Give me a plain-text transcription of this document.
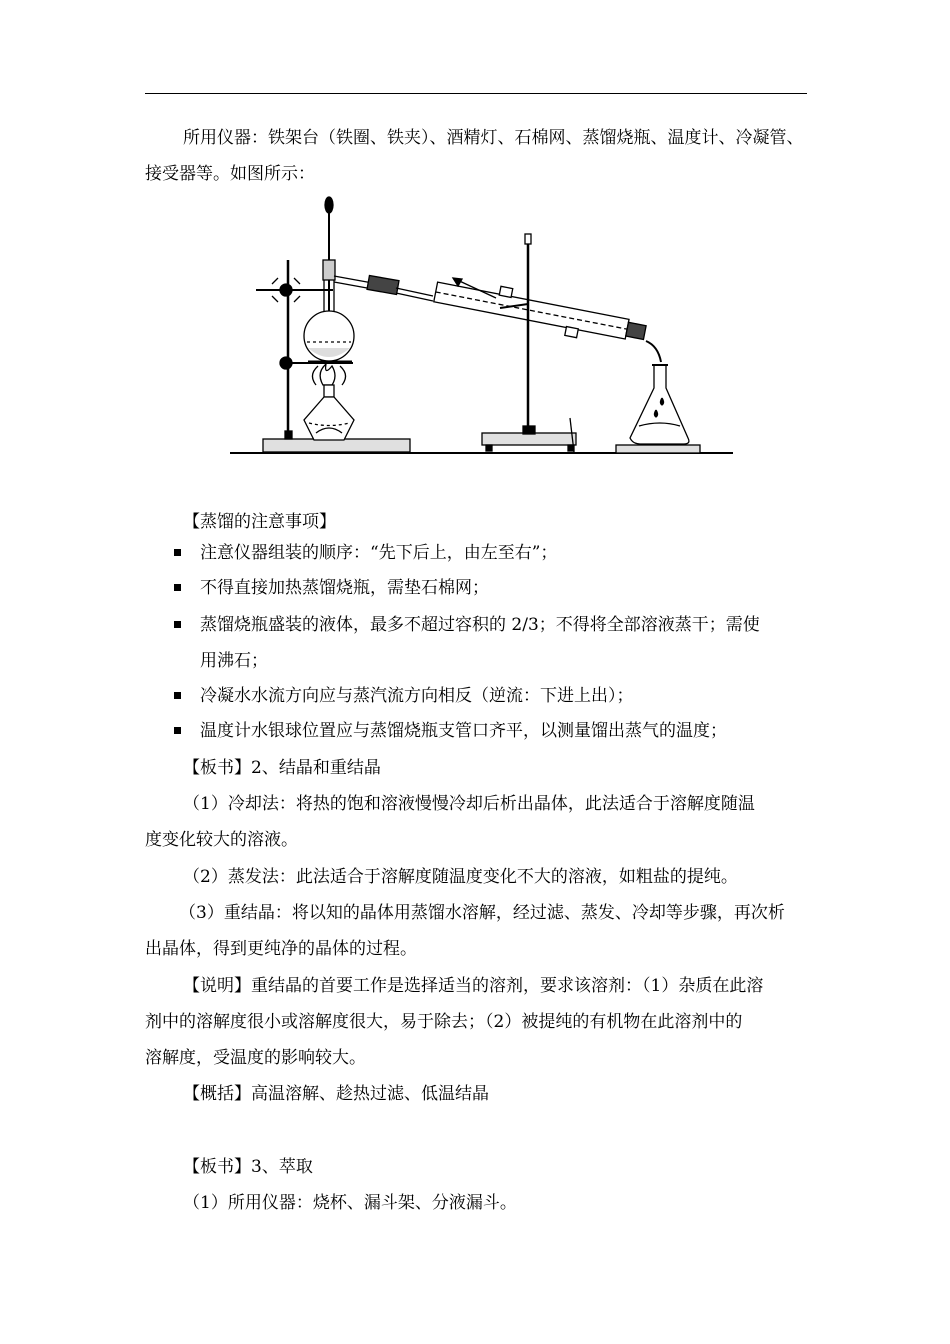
所用仪器：铁架台（铁圈、铁夹）、酒精灯、石棉网、蒸馏烧瓶、温度计、冷凝管、
接受器等。如图所示：
【蒸馏的注意事项】
注意仪器组装的顺序：“先下后上，由左至右”；
不得直接加热蒸馏烧瓶，需垫石棉网；
蒸馏烧瓶盛装的液体，最多不超过容积的 2/3；不得将全部溶液蒸干；需使
用沸石；
冷凝水水流方向应与蒸汽流方向相反（逆流：下进上出）；
温度计水银球位置应与蒸馏烧瓶支管口齐平，以测量馏出蒸气的温度；
【板书】2、结晶和重结晶
（1）冷却法：将热的饱和溶液慢慢冷却后析出晶体，此法适合于溶解度随温
度变化较大的溶液。
（2）蒸发法：此法适合于溶解度随温度变化不大的溶液，如粗盐的提纯。
（3）重结晶：将以知的晶体用蒸馏水溶解，经过滤、蒸发、冷却等步骤，再次析
出晶体，得到更纯净的晶体的过程。
【说明】重结晶的首要工作是选择适当的溶剂，要求该溶剂：（1）杂质在此溶
剂中的溶解度很小或溶解度很大，易于除去；（2）被提纯的有机物在此溶剂中的
溶解度，受温度的影响较大。
【概括】高温溶解、趁热过滤、低温结晶
【板书】3、萃取
（1）所用仪器：烧杯、漏斗架、分液漏斗。
